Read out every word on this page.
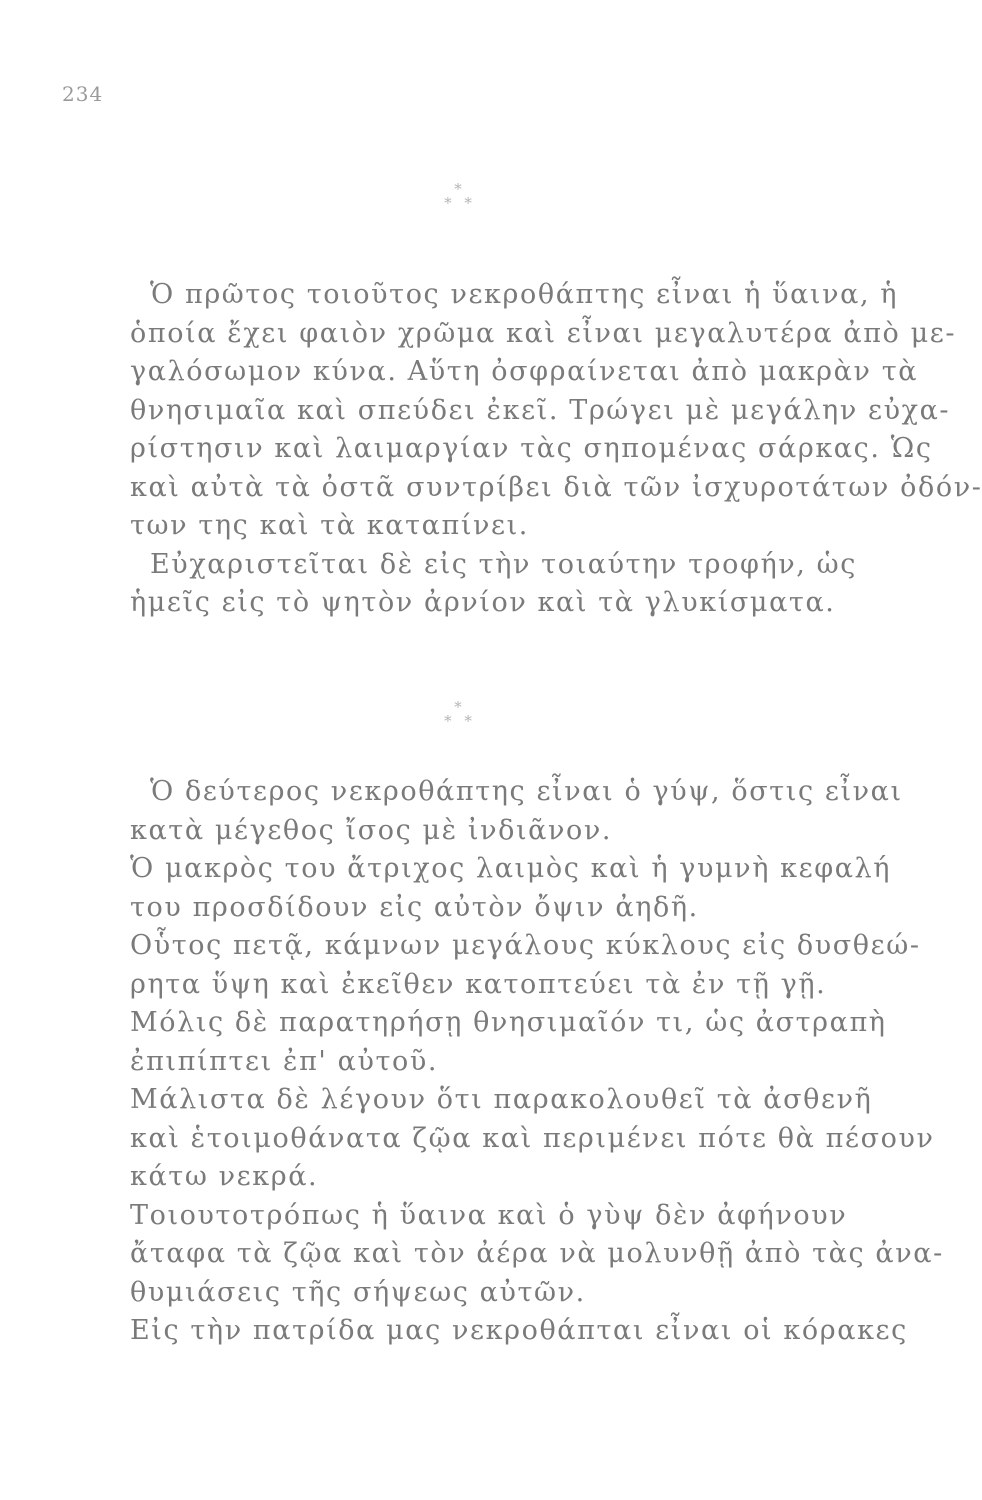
234
*
* *
Ὁ πρῶτος τοιοῦτος νεκροθάπτης εἶναι ἡ ὕαινα, ἡ
ὁποία ἔχει φαιὸν χρῶμα καὶ εἶναι μεγαλυτέρα ἀπὸ με-
γαλόσωμον κύνα. Αὕτη ὀσφραίνεται ἀπὸ μακρὰν τὰ
θνησιμαῖα καὶ σπεύδει ἐκεῖ. Τρώγει μὲ μεγάλην εὐχα-
ρίστησιν καὶ λαιμαργίαν τὰς σηπομένας σάρκας. Ὡς
καὶ αὐτὰ τὰ ὀστᾶ συντρίβει διὰ τῶν ἰσχυροτάτων ὀδόν-
των της καὶ τὰ καταπίνει.
Εὐχαριστεῖται δὲ εἰς τὴν τοιαύτην τροφήν, ὡς
ἡμεῖς εἰς τὸ ψητὸν ἀρνίον καὶ τὰ γλυκίσματα.
*
* *
Ὁ δεύτερος νεκροθάπτης εἶναι ὁ γύψ, ὅστις εἶναι
κατὰ μέγεθος ἴσος μὲ ἰνδιᾶνον.
Ὁ μακρὸς του ἄτριχος λαιμὸς καὶ ἡ γυμνὴ κεφαλή
του προσδίδουν εἰς αὐτὸν ὄψιν ἀηδῆ.
Οὗτος πετᾷ, κάμνων μεγάλους κύκλους εἰς δυσθεώ-
ρητα ὕψη καὶ ἐκεῖθεν κατοπτεύει τὰ ἐν τῇ γῇ.
Μόλις δὲ παρατηρήσῃ θνησιμαῖόν τι, ὡς ἀστραπὴ
ἐπιπίπτει ἐπ' αὐτοῦ.
Μάλιστα δὲ λέγουν ὅτι παρακολουθεῖ τὰ ἀσθενῆ
καὶ ἑτοιμοθάνατα ζῷα καὶ περιμένει πότε θὰ πέσουν
κάτω νεκρά.
Τοιουτοτρόπως ἡ ὕαινα καὶ ὁ γὺψ δὲν ἀφήνουν
ἄταφα τὰ ζῷα καὶ τὸν ἀέρα νὰ μολυνθῇ ἀπὸ τὰς ἀνα-
θυμιάσεις τῆς σήψεως αὐτῶν.
Εἰς τὴν πατρίδα μας νεκροθάπται εἶναι οἱ κόρακες
